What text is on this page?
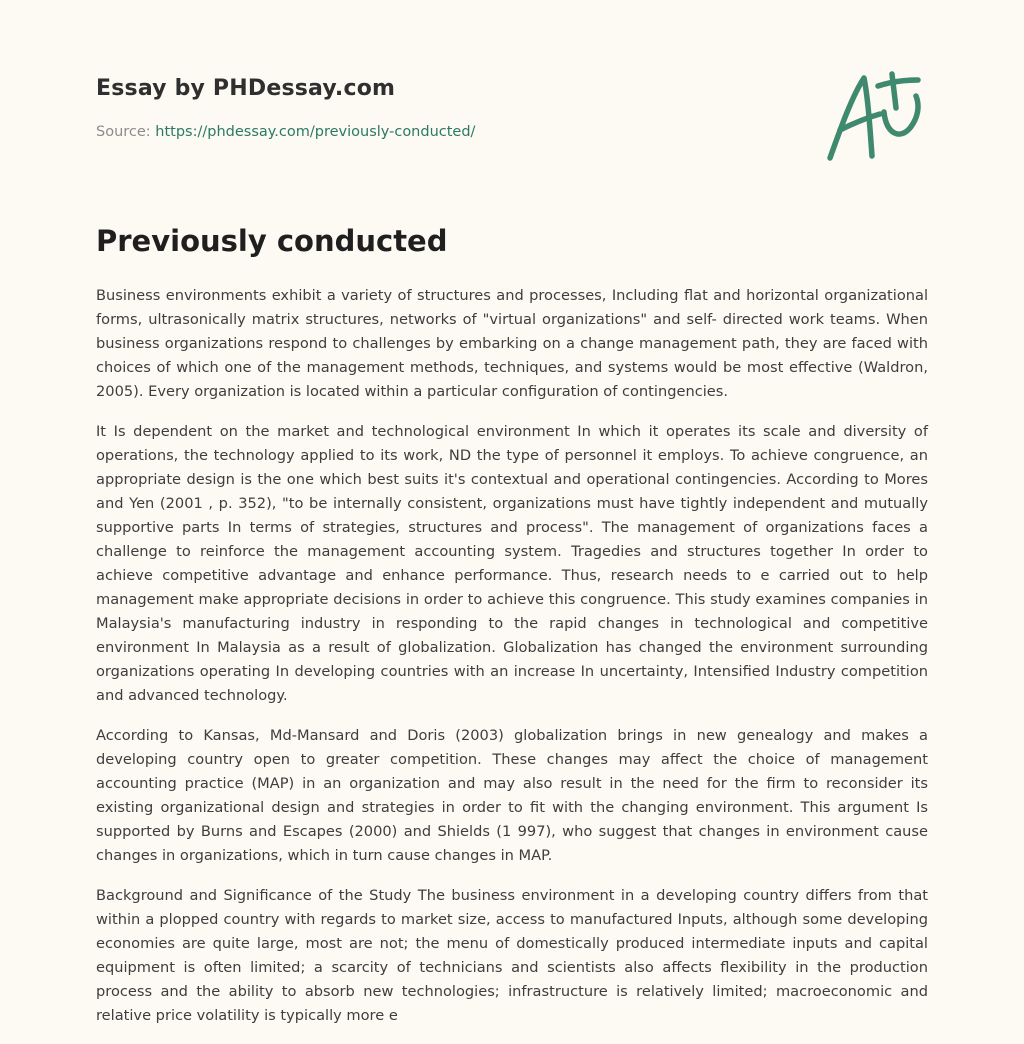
Essay by PHDessay.com
Source: https://phdessay.com/previously-conducted/
Previously conducted

Business environments exhibit a variety of structures and processes, Including flat and horizontal organizational forms, ultrasonically matrix structures, networks of "virtual organizations" and self- directed work teams. When business organizations respond to challenges by embarking on a change management path, they are faced with choices of which one of the management methods, techniques, and systems would be most effective (Waldron, 2005). Every organization is located within a particular configuration of contingencies.

It Is dependent on the market and technological environment In which it operates its scale and diversity of operations, the technology applied to its work, ND the type of personnel it employs. To achieve congruence, an appropriate design is the one which best suits it's contextual and operational contingencies. According to Mores and Yen (2001 , p. 352), "to be internally consistent, organizations must have tightly independent and mutually supportive parts In terms of strategies, structures and process". The management of organizations faces a challenge to reinforce the management accounting system. Tragedies and structures together In order to achieve competitive advantage and enhance performance. Thus, research needs to e carried out to help management make appropriate decisions in order to achieve this congruence. This study examines companies in Malaysia's manufacturing industry in responding to the rapid changes in technological and competitive environment In Malaysia as a result of globalization. Globalization has changed the environment surrounding organizations operating In developing countries with an increase In uncertainty, Intensified Industry competition and advanced technology.

According to Kansas, Md-Mansard and Doris (2003) globalization brings in new genealogy and makes a developing country open to greater competition. These changes may affect the choice of management accounting practice (MAP) in an organization and may also result in the need for the firm to reconsider its existing organizational design and strategies in order to fit with the changing environment. This argument Is supported by Burns and Escapes (2000) and Shields (1 997), who suggest that changes in environment cause changes in organizations, which in turn cause changes in MAP.

Background and Significance of the Study The business environment in a developing country differs from that within a plopped country with regards to market size, access to manufactured Inputs, although some developing economies are quite large, most are not; the menu of domestically produced intermediate inputs and capital equipment is often limited; a scarcity of technicians and scientists also affects flexibility in the production process and the ability to absorb new technologies; infrastructure is relatively limited; macroeconomic and relative price volatility is typically more e
